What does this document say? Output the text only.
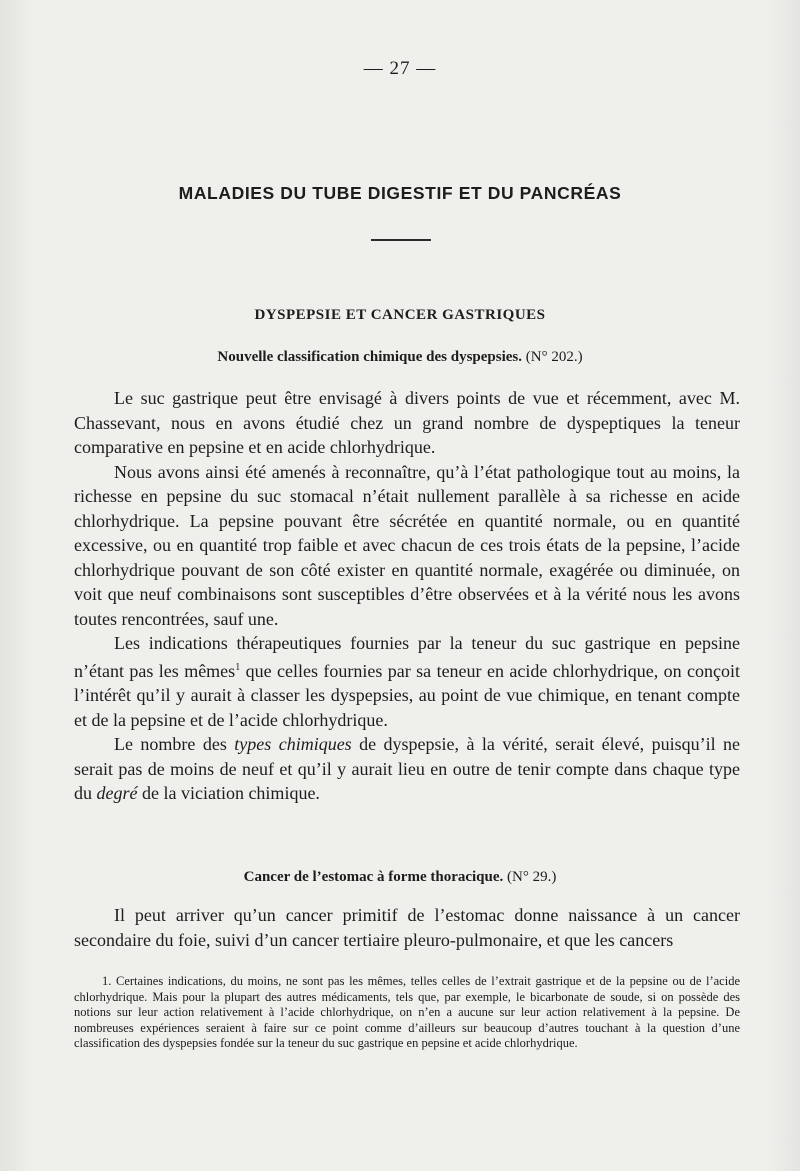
— 27 —
MALADIES DU TUBE DIGESTIF ET DU PANCRÉAS
DYSPEPSIE ET CANCER GASTRIQUES
Nouvelle classification chimique des dyspepsies. (N° 202.)

Le suc gastrique peut être envisagé à divers points de vue et récemment, avec M. Chassevant, nous en avons étudié chez un grand nombre de dyspeptiques la teneur comparative en pepsine et en acide chlorhydrique.

Nous avons ainsi été amenés à reconnaître, qu’à l’état pathologique tout au moins, la richesse en pepsine du suc stomacal n’était nullement parallèle à sa richesse en acide chlorhydrique. La pepsine pouvant être sécrétée en quantité normale, ou en quantité excessive, ou en quantité trop faible et avec chacun de ces trois états de la pepsine, l’acide chlorhydrique pouvant de son côté exister en quantité normale, exagérée ou diminuée, on voit que neuf combinaisons sont susceptibles d’être observées et à la vérité nous les avons toutes rencontrées, sauf une.

Les indications thérapeutiques fournies par la teneur du suc gastrique en pepsine n’étant pas les mêmes$^1$ que celles fournies par sa teneur en acide chlorhydrique, on conçoit l’intérêt qu’il y aurait à classer les dyspepsies, au point de vue chimique, en tenant compte et de la pepsine et de l’acide chlorhydrique.

Le nombre des types chimiques de dyspepsie, à la vérité, serait élevé, puisqu’il ne serait pas de moins de neuf et qu’il y aurait lieu en outre de tenir compte dans chaque type du degré de la viciation chimique.

Cancer de l’estomac à forme thoracique. (N° 29.)

Il peut arriver qu’un cancer primitif de l’estomac donne naissance à un cancer secondaire du foie, suivi d’un cancer tertiaire pleuro-pulmonaire, et que les cancers

1. Certaines indications, du moins, ne sont pas les mêmes, telles celles de l’extrait gastrique et de la pepsine ou de l’acide chlorhydrique. Mais pour la plupart des autres médicaments, tels que, par exemple, le bicarbonate de soude, si on possède des notions sur leur action relativement à l’acide chlorhydrique, on n’en a aucune sur leur action relativement à la pepsine. De nombreuses expériences seraient à faire sur ce point comme d’ailleurs sur beaucoup d’autres touchant à la question d’une classification des dyspepsies fondée sur la teneur du suc gastrique en pepsine et acide chlorhydrique.
